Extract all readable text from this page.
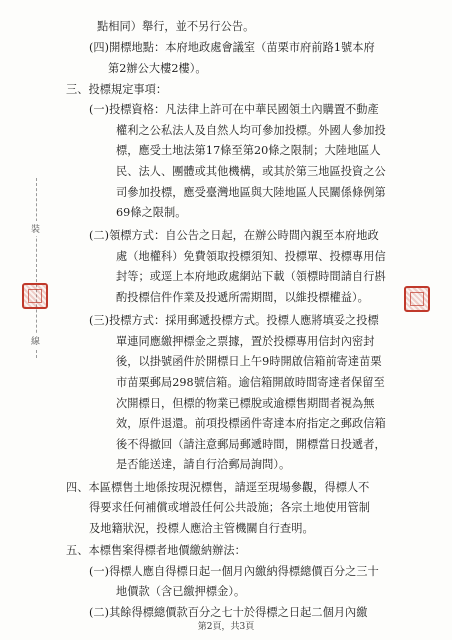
裝
線
點相同）舉行，並不另行公告。
(四)開標地點：本府地政處會議室（苗栗市府前路1號本府
第2辦公大樓2樓）。
三、投標規定事項：
(一)投標資格：凡法律上許可在中華民國領土內購置不動產
權利之公私法人及自然人均可參加投標。外國人參加投
標，應受土地法第17條至第20條之限制；大陸地區人
民、法人、團體或其他機構，或其於第三地區投資之公
司參加投標，應受臺灣地區與大陸地區人民關係條例第
69條之限制。
(二)領標方式：自公告之日起，在辦公時間內親至本府地政
處（地權科）免費領取投標須知、投標單、投標專用信
封等；或逕上本府地政處網站下載（領標時間請自行斟
酌投標信件作業及投遞所需期間，以維投標權益）。
(三)投標方式：採用郵遞投標方式。投標人應將填妥之投標
單連同應繳押標金之票據，置於投標專用信封內密封
後，以掛號函件於開標日上午9時開啟信箱前寄達苗栗
市苗栗郵局298號信箱。逾信箱開啟時間寄達者保留至
次開標日，但標的物業已標脫或逾標售期間者視為無
效，原件退還。前項投標函件寄達本府指定之郵政信箱
後不得撤回（請注意郵局郵遞時間，開標當日投遞者，
是否能送達，請自行洽郵局詢問）。
四、本區標售土地係按現況標售，請逕至現場參觀，得標人不
得要求任何補償或增設任何公共設施；各宗土地使用管制
及地籍狀況，投標人應洽主管機關自行查明。
五、本標售案得標者地價繳納辦法：
(一)得標人應自得標日起一個月內繳納得標總價百分之三十
地價款（含已繳押標金）。
(二)其餘得標總價款百分之七十於得標之日起二個月內繳
第2頁，共3頁
